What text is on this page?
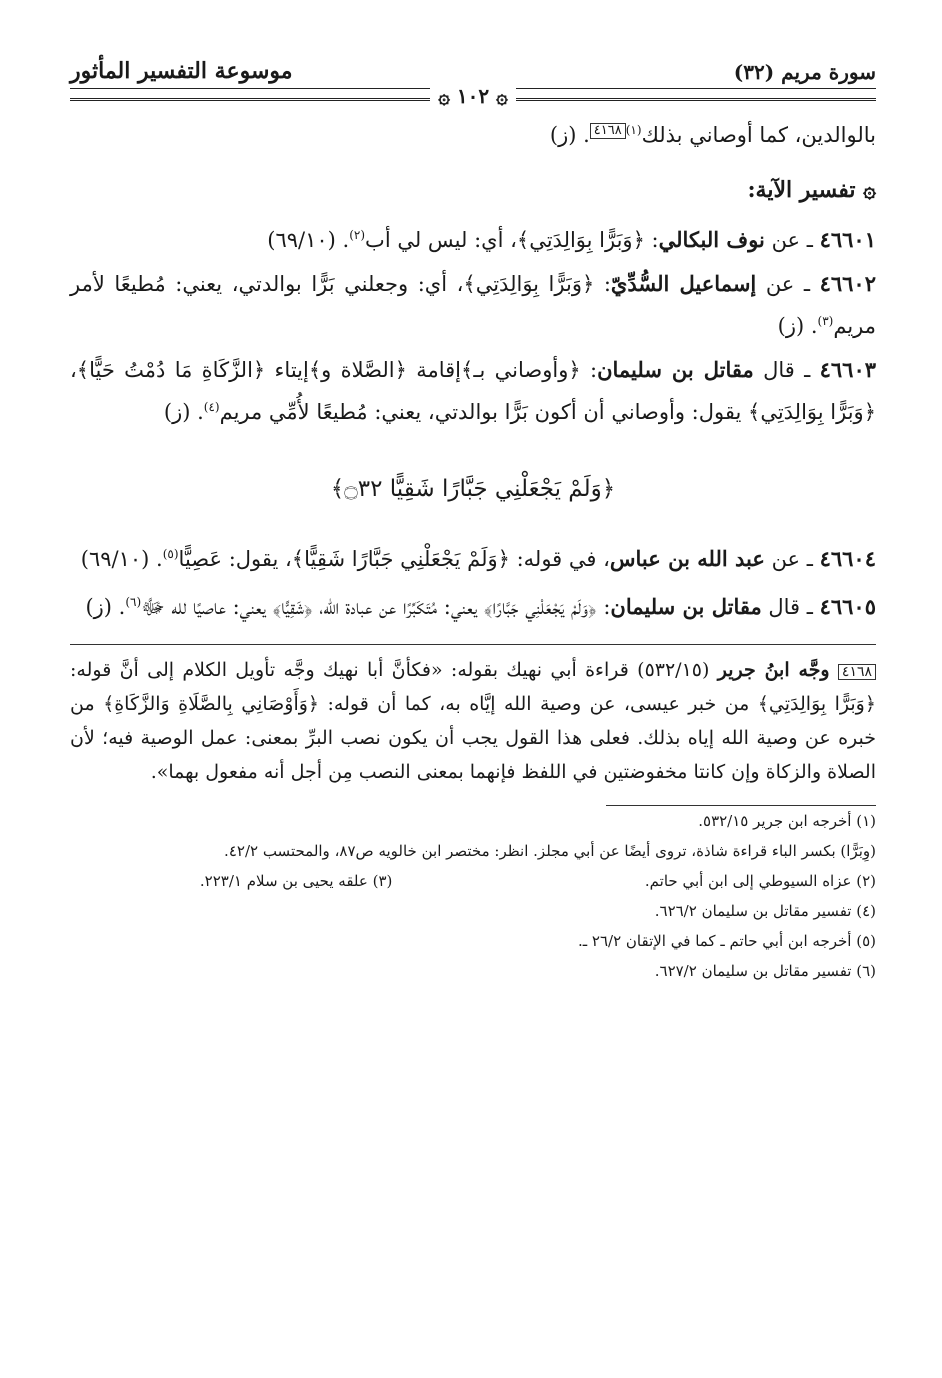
سورة مريم (٣٢)
موسوعة التفسير المأثور
۞ ١٠٢ ۞

بالوالدين، كما أوصاني بذلك$^{(١)}$٤١٦٨. (ز)

۞ تفسير الآية:

٤٦٦٠١ ـ عن نوف البكالي: ﴿وَبَرًّا بِوَالِدَتِي﴾، أي: ليس لي أب$^{(٢)}$. (٦٩/١٠)

٤٦٦٠٢ ـ عن إسماعيل السُّدِّيّ: ﴿وَبَرًّا بِوَالِدَتِي﴾، أي: وجعلني بَرًّا بوالدتي، يعني: مُطيعًا لأمر مريم$^{(٣)}$. (ز)

٤٦٦٠٣ ـ قال مقاتل بن سليمان: ﴿وأوصاني بـ﴾إقامة ﴿الصَّلاة و﴾إيتاء ﴿الزَّكَاةِ مَا دُمْتُ حَيًّا﴾، ﴿وَبَرًّا بِوَالِدَتِي﴾ يقول: وأوصاني أن أكون بَرًّا بوالدتي، يعني: مُطيعًا لأُمِّي مريم$^{(٤)}$. (ز)

﴿وَلَمْ يَجْعَلْنِي جَبَّارًا شَقِيًّا ۝٣٢﴾

٤٦٦٠٤ ـ عن عبد الله بن عباس، في قوله: ﴿وَلَمْ يَجْعَلْنِي جَبَّارًا شَقِيًّا﴾، يقول: عَصِيًّا$^{(٥)}$. (٦٩/١٠)

٤٦٦٠٥ ـ قال مقاتل بن سليمان: ﴿وَلَمْ يَجْعَلْنِي جَبَّارًا﴾ يعني: مُتَكَبِّرًا عن عبادة الله، ﴿شَقِيًّا﴾ يعني: عاصيًا لله ﷻ$^{(٦)}$. (ز)

٤١٦٨ وجَّه ابنُ جرير (٥٣٢/١٥) قراءة أبي نهيك بقوله: «فكأنَّ أبا نهيك وجَّه تأويل الكلام إلى أنَّ قوله: ﴿وَبَرًّا بِوَالِدَتِي﴾ من خبر عيسى، عن وصية الله إيَّاه به، كما أن قوله: ﴿وَأَوْصَانِي بِالصَّلَاةِ وَالزَّكَاةِ﴾ من خبره عن وصية الله إياه بذلك. فعلى هذا القول يجب أن يكون نصب البرِّ بمعنى: عمل الوصية فيه؛ لأن الصلاة والزكاة وإن كانتا مخفوضتين في اللفظ فإنهما بمعنى النصب مِن أجل أنه مفعول بهما».

(١) أخرجه ابن جرير ٥٣٢/١٥.

(وِبَرًّا) بكسر الباء قراءة شاذة، تروى أيضًا عن أبي مجلز. انظر: مختصر ابن خالويه ص٨٧، والمحتسب ٤٢/٢.

(٢) عزاه السيوطي إلى ابن أبي حاتم.
(٣) علقه يحيى بن سلام ٢٢٣/١.

(٤) تفسير مقاتل بن سليمان ٦٢٦/٢.

(٥) أخرجه ابن أبي حاتم ـ كما في الإتقان ٢٦/٢ ـ.

(٦) تفسير مقاتل بن سليمان ٦٢٧/٢.
